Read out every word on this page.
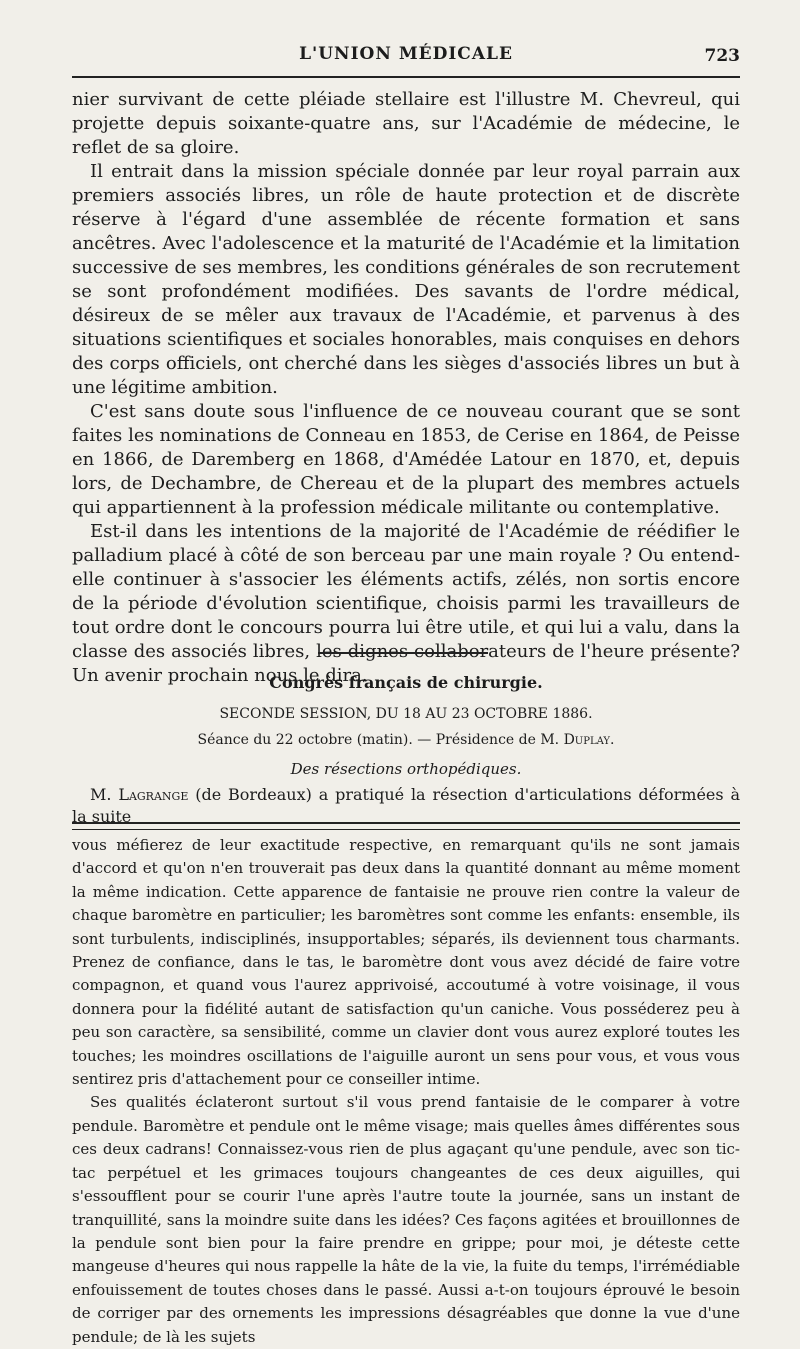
L'UNION MÉDICALE	723

nier survivant de cette pléiade stellaire est l'illustre M. Chevreul, qui projette depuis soixante-quatre ans, sur l'Académie de médecine, le reflet de sa gloire.

Il entrait dans la mission spéciale donnée par leur royal parrain aux premiers associés libres, un rôle de haute protection et de discrète réserve à l'égard d'une assemblée de récente formation et sans ancêtres. Avec l'adolescence et la maturité de l'Académie et la limitation successive de ses membres, les conditions générales de son recrutement se sont profondément modifiées. Des savants de l'ordre médical, désireux de se mêler aux travaux de l'Académie, et parvenus à des situations scientifiques et sociales honorables, mais conquises en dehors des corps officiels, ont cherché dans les sièges d'associés libres un but à une légitime ambition.

C'est sans doute sous l'influence de ce nouveau courant que se sont faites les nominations de Conneau en 1853, de Cerise en 1864, de Peisse en 1866, de Daremberg en 1868, d'Amédée Latour en 1870, et, depuis lors, de Dechambre, de Chereau et de la plupart des membres actuels qui appartiennent à la profession médicale militante ou contemplative.

Est-il dans les intentions de la majorité de l'Académie de réédifier le palladium placé à côté de son berceau par une main royale ? Ou entend-elle continuer à s'associer les éléments actifs, zélés, non sortis encore de la période d'évolution scientifique, choisis parmi les travailleurs de tout ordre dont le concours pourra lui être utile, et qui lui a valu, dans la classe des associés libres, les dignes collaborateurs de l'heure présente? Un avenir prochain nous le dira.

Congrès français de chirurgie.
SECONDE SESSION, DU 18 AU 23 OCTOBRE 1886.
Séance du 22 octobre (matin). — Présidence de M. Duplay.
Des résections orthopédiques.

M. Lagrange (de Bordeaux) a pratiqué la résection d'articulations déformées à la suite

vous méfierez de leur exactitude respective, en remarquant qu'ils ne sont jamais d'accord et qu'on n'en trouverait pas deux dans la quantité donnant au même moment la même indication. Cette apparence de fantaisie ne prouve rien contre la valeur de chaque baromètre en particulier; les baromètres sont comme les enfants: ensemble, ils sont turbulents, indisciplinés, insupportables; séparés, ils deviennent tous charmants. Prenez de confiance, dans le tas, le baromètre dont vous avez décidé de faire votre compagnon, et quand vous l'aurez apprivoisé, accoutumé à votre voisinage, il vous donnera pour la fidélité autant de satisfaction qu'un caniche. Vous posséderez peu à peu son caractère, sa sensibilité, comme un clavier dont vous aurez exploré toutes les touches; les moindres oscillations de l'aiguille auront un sens pour vous, et vous vous sentirez pris d'attachement pour ce conseiller intime.

Ses qualités éclateront surtout s'il vous prend fantaisie de le comparer à votre pendule. Baromètre et pendule ont le même visage; mais quelles âmes différentes sous ces deux cadrans! Connaissez-vous rien de plus agaçant qu'une pendule, avec son tic-tac perpétuel et les grimaces toujours changeantes de ces deux aiguilles, qui s'essoufflent pour se courir l'une après l'autre toute la journée, sans un instant de tranquillité, sans la moindre suite dans les idées? Ces façons agitées et brouillonnes de la pendule sont bien pour la faire prendre en grippe; pour moi, je déteste cette mangeuse d'heures qui nous rappelle la hâte de la vie, la fuite du temps, l'irrémédiable enfouissement de toutes choses dans le passé. Aussi a-t-on toujours éprouvé le besoin de corriger par des ornements les impressions désagréables que donne la vue d'une pendule; de là les sujets
